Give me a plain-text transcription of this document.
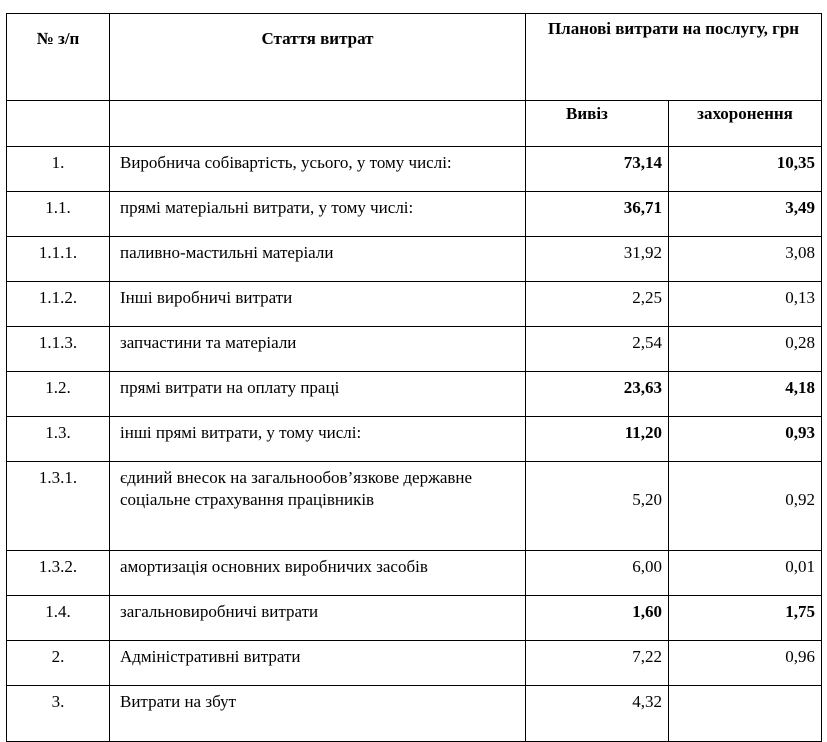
№ з/п	Стаття витрат	Планові витрати на послугу, грн	
		Вивіз	захоронення
1.	Виробнича собівартість, усього, у тому числі:	73,14	10,35
1.1.	прямі матеріальні витрати, у тому числі:	36,71	3,49
1.1.1.	паливно-мастильні матеріали	31,92	3,08
1.1.2.	Інші виробничі витрати	2,25	0,13
1.1.3.	запчастини та матеріали	2,54	0,28
1.2.	прямі витрати на оплату праці	23,63	4,18
1.3.	інші прямі витрати, у тому числі:	11,20	0,93
1.3.1.	єдиний внесок на загальнообов’язкове державне соціальне страхування працівників	5,20	0,92
1.3.2.	амортизація основних виробничих засобів	6,00	0,01
1.4.	загальновиробничі витрати	1,60	1,75
2.	Адміністративні витрати	7,22	0,96
3.	Витрати на збут	4,32	
